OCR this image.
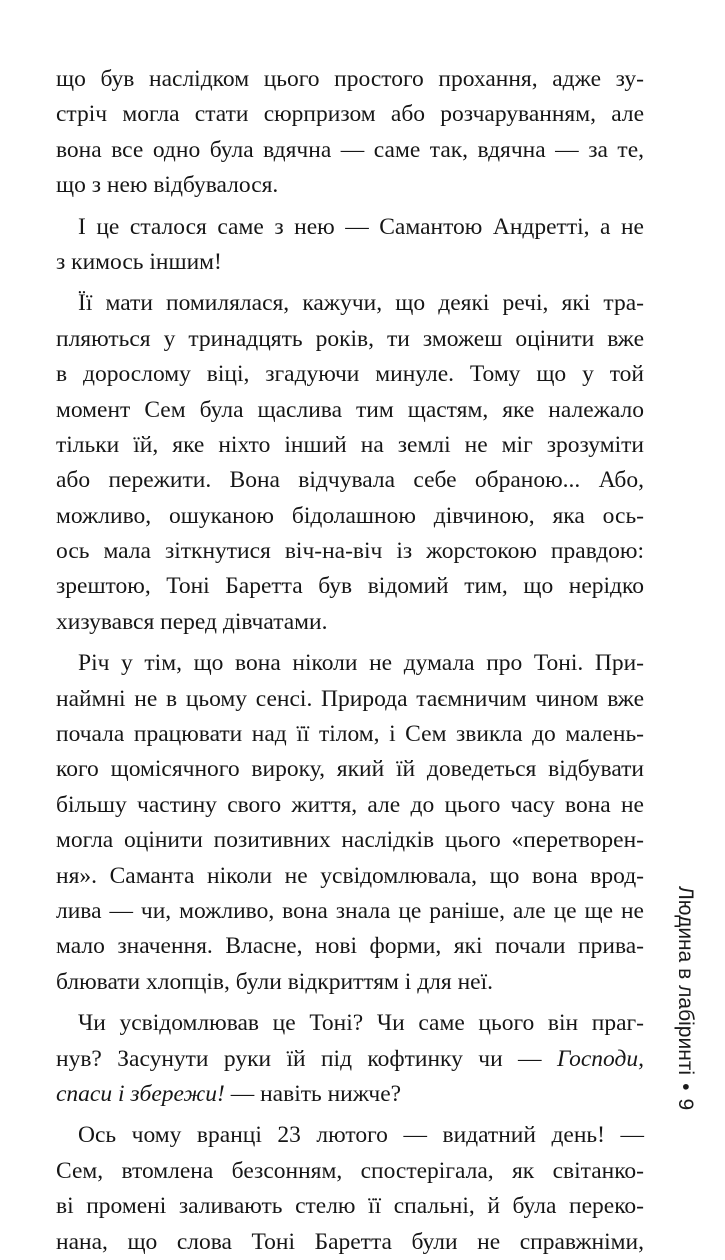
що був наслідком цього простого прохання, адже зу-
стріч могла стати сюрпризом або розчаруванням, але
вона все одно була вдячна — саме так, вдячна — за те,
що з нею відбувалося.
І це сталося саме з нею — Самантою Андретті, а не
з кимось іншим!
Її мати помилялася, кажучи, що деякі речі, які тра-
пляються у тринадцять років, ти зможеш оцінити вже
в дорослому віці, згадуючи минуле. Тому що у той
момент Сем була щаслива тим щастям, яке належало
тільки їй, яке ніхто інший на землі не міг зрозуміти
або пережити. Вона відчувала себе обраною... Або,
можливо, ошуканою бідолашною дівчиною, яка ось-
ось мала зіткнутися віч-на-віч із жорстокою правдою:
зрештою, Тоні Баретта був відомий тим, що нерідко
хизувався перед дівчатами.
Річ у тім, що вона ніколи не думала про Тоні. При-
наймні не в цьому сенсі. Природа таємничим чином вже
почала працювати над її тілом, і Сем звикла до малень-
кого щомісячного вироку, який їй доведеться відбувати
більшу частину свого життя, але до цього часу вона не
могла оцінити позитивних наслідків цього «перетворен-
ня». Саманта ніколи не усвідомлювала, що вона врод-
лива — чи, можливо, вона знала це раніше, але це ще не
мало значення. Власне, нові форми, які почали прива-
блювати хлопців, були відкриттям і для неї.
Чи усвідомлював це Тоні? Чи саме цього він праг-
нув? Засунути руки їй під кофтинку чи — Господи,
спаси і збережи! — навіть нижче?
Ось чому вранці 23 лютого — видатний день! —
Сем, втомлена безсонням, спостерігала, як світанко-
ві промені заливають стелю її спальні, й була переко-
нана, що слова Тоні Баретта були не справжніми,
Людина в лабіринті•9
